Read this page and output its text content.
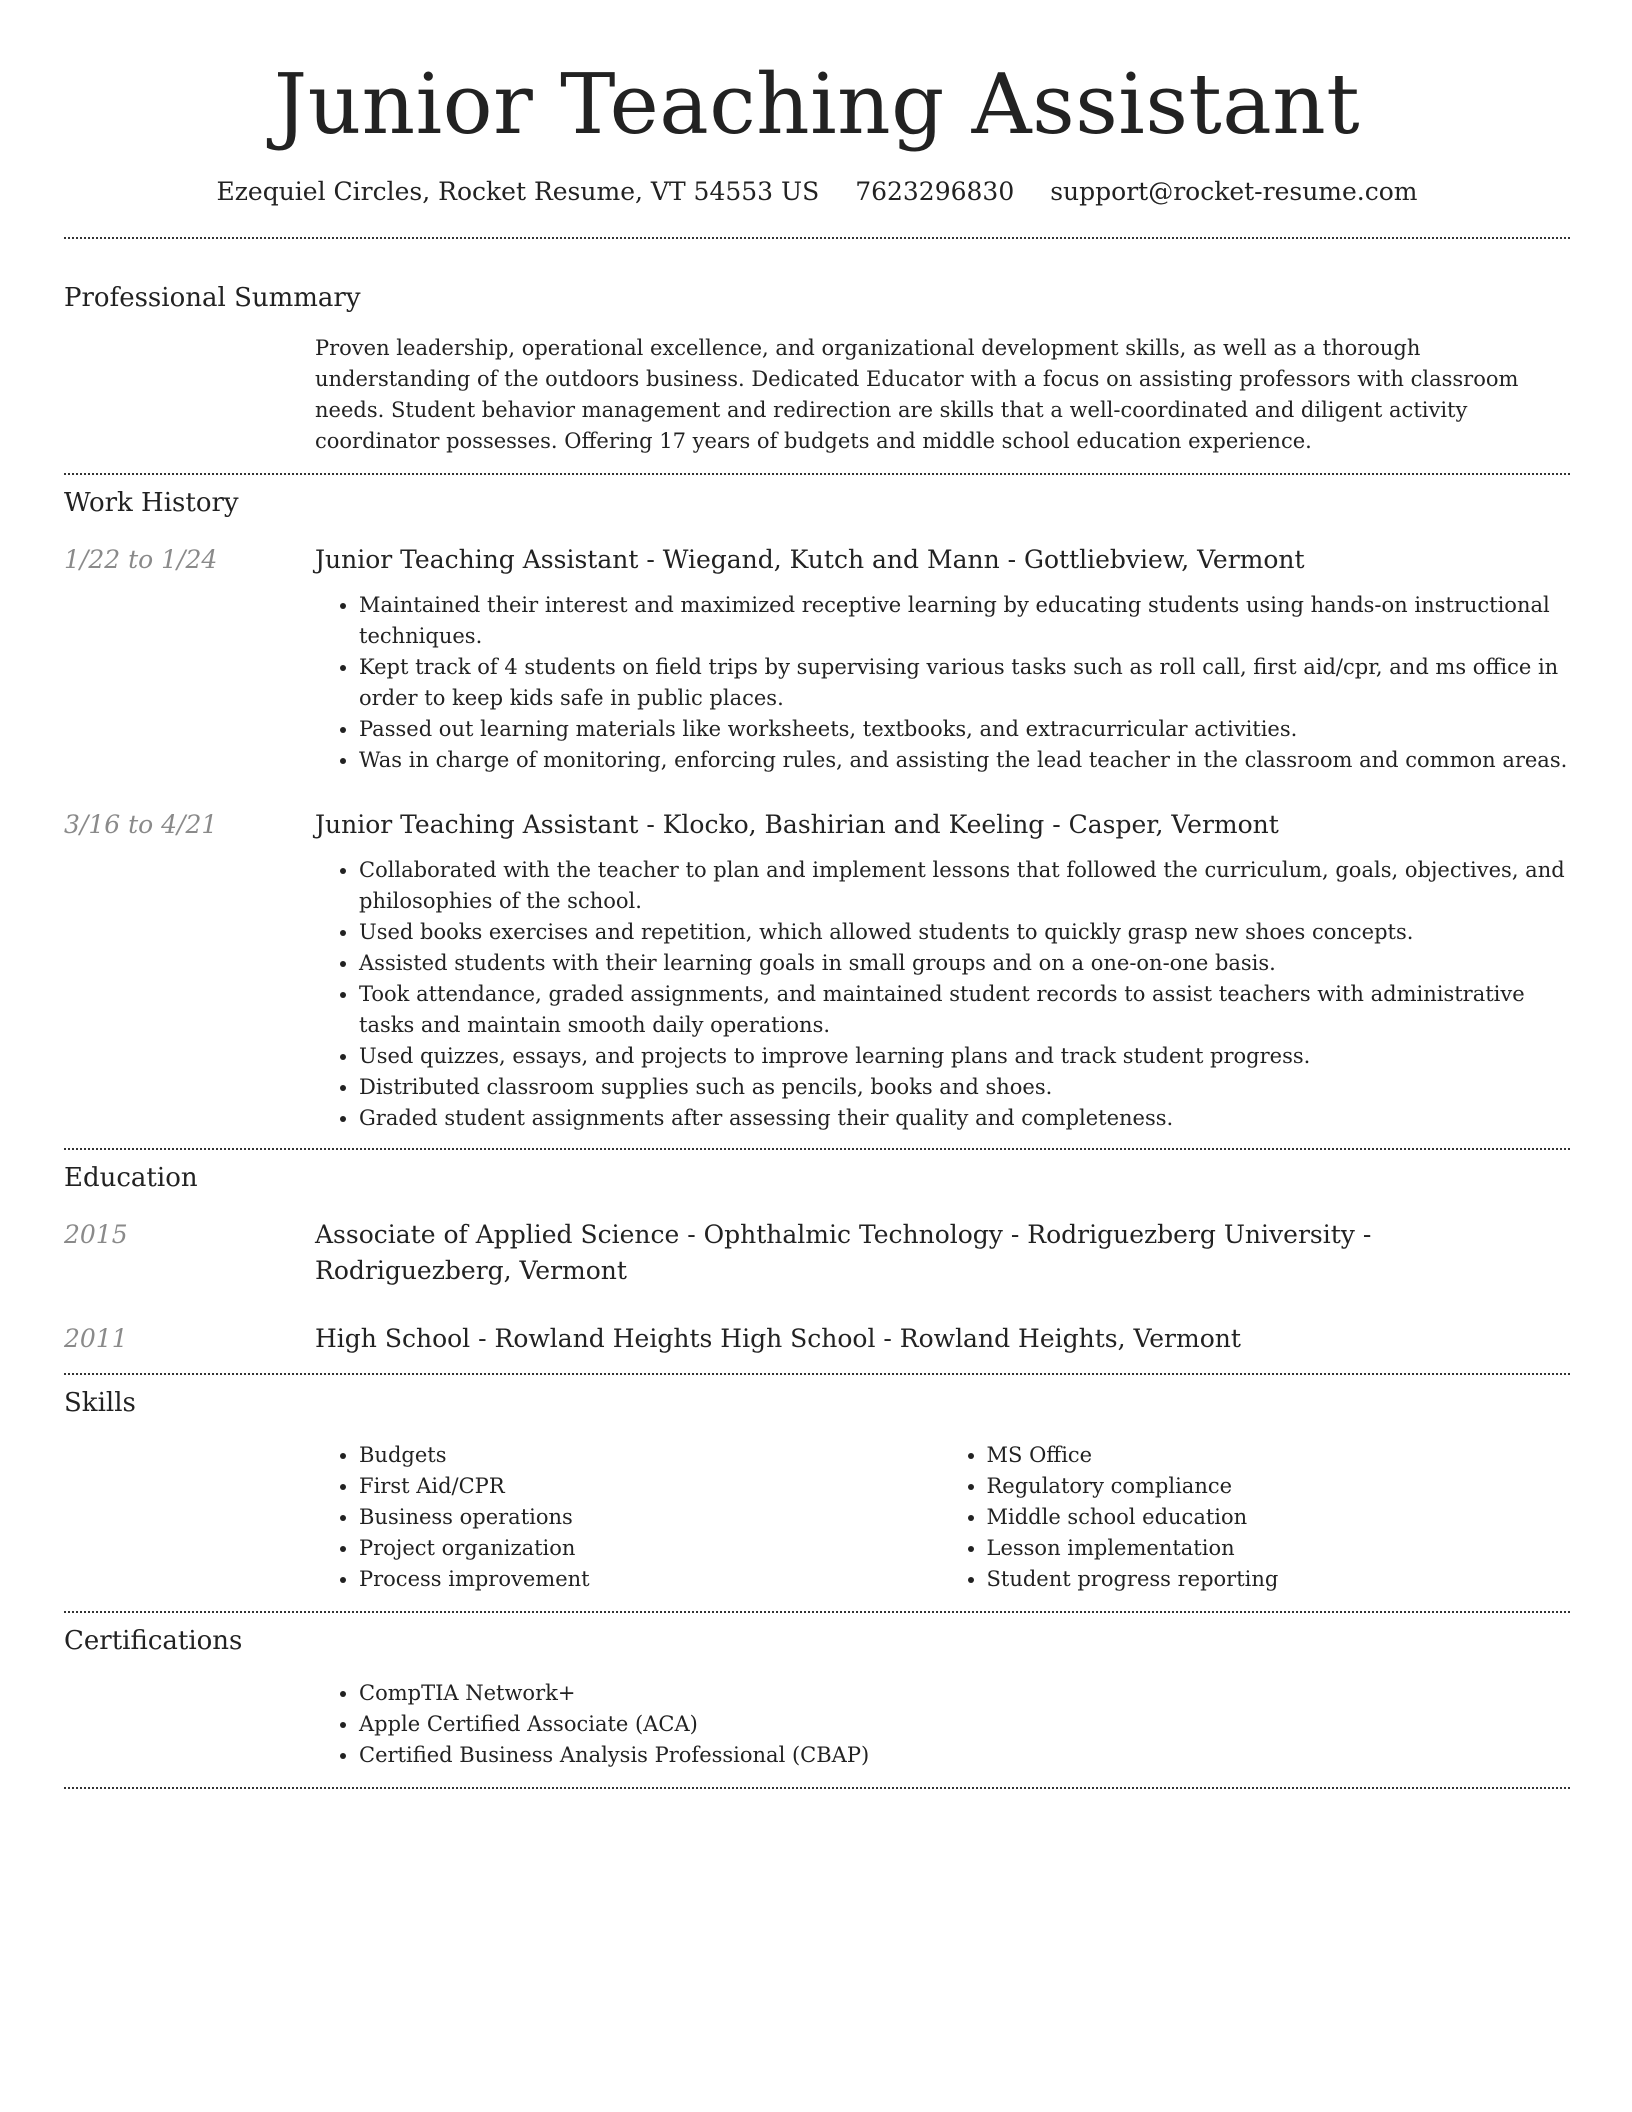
Junior Teaching Assistant
Ezequiel Circles, Rocket Resume, VT 54553 US 7623296830 support@rocket-resume.com
Professional Summary
Proven leadership, operational excellence, and organizational development skills, as well as a thorough understanding of the outdoors business. Dedicated Educator with a focus on assisting professors with classroom needs. Student behavior management and redirection are skills that a well-coordinated and diligent activity coordinator possesses. Offering 17 years of budgets and middle school education experience.
Work History
1/22 to 1/24	Junior Teaching Assistant - Wiegand, Kutch and Mann - Gottliebview, Vermont
• Maintained their interest and maximized receptive learning by educating students using hands-on instructional techniques.
• Kept track of 4 students on field trips by supervising various tasks such as roll call, first aid/cpr, and ms office in order to keep kids safe in public places.
• Passed out learning materials like worksheets, textbooks, and extracurricular activities.
• Was in charge of monitoring, enforcing rules, and assisting the lead teacher in the classroom and common areas.
3/16 to 4/21	Junior Teaching Assistant - Klocko, Bashirian and Keeling - Casper, Vermont
• Collaborated with the teacher to plan and implement lessons that followed the curriculum, goals, objectives, and philosophies of the school.
• Used books exercises and repetition, which allowed students to quickly grasp new shoes concepts.
• Assisted students with their learning goals in small groups and on a one-on-one basis.
• Took attendance, graded assignments, and maintained student records to assist teachers with administrative tasks and maintain smooth daily operations.
• Used quizzes, essays, and projects to improve learning plans and track student progress.
• Distributed classroom supplies such as pencils, books and shoes.
• Graded student assignments after assessing their quality and completeness.
Education
2015	Associate of Applied Science - Ophthalmic Technology - Rodriguezberg University - Rodriguezberg, Vermont
2011	High School - Rowland Heights High School - Rowland Heights, Vermont
Skills
• Budgets
• First Aid/CPR
• Business operations
• Project organization
• Process improvement
• MS Office
• Regulatory compliance
• Middle school education
• Lesson implementation
• Student progress reporting
Certifications
• CompTIA Network+
• Apple Certified Associate (ACA)
• Certified Business Analysis Professional (CBAP)
